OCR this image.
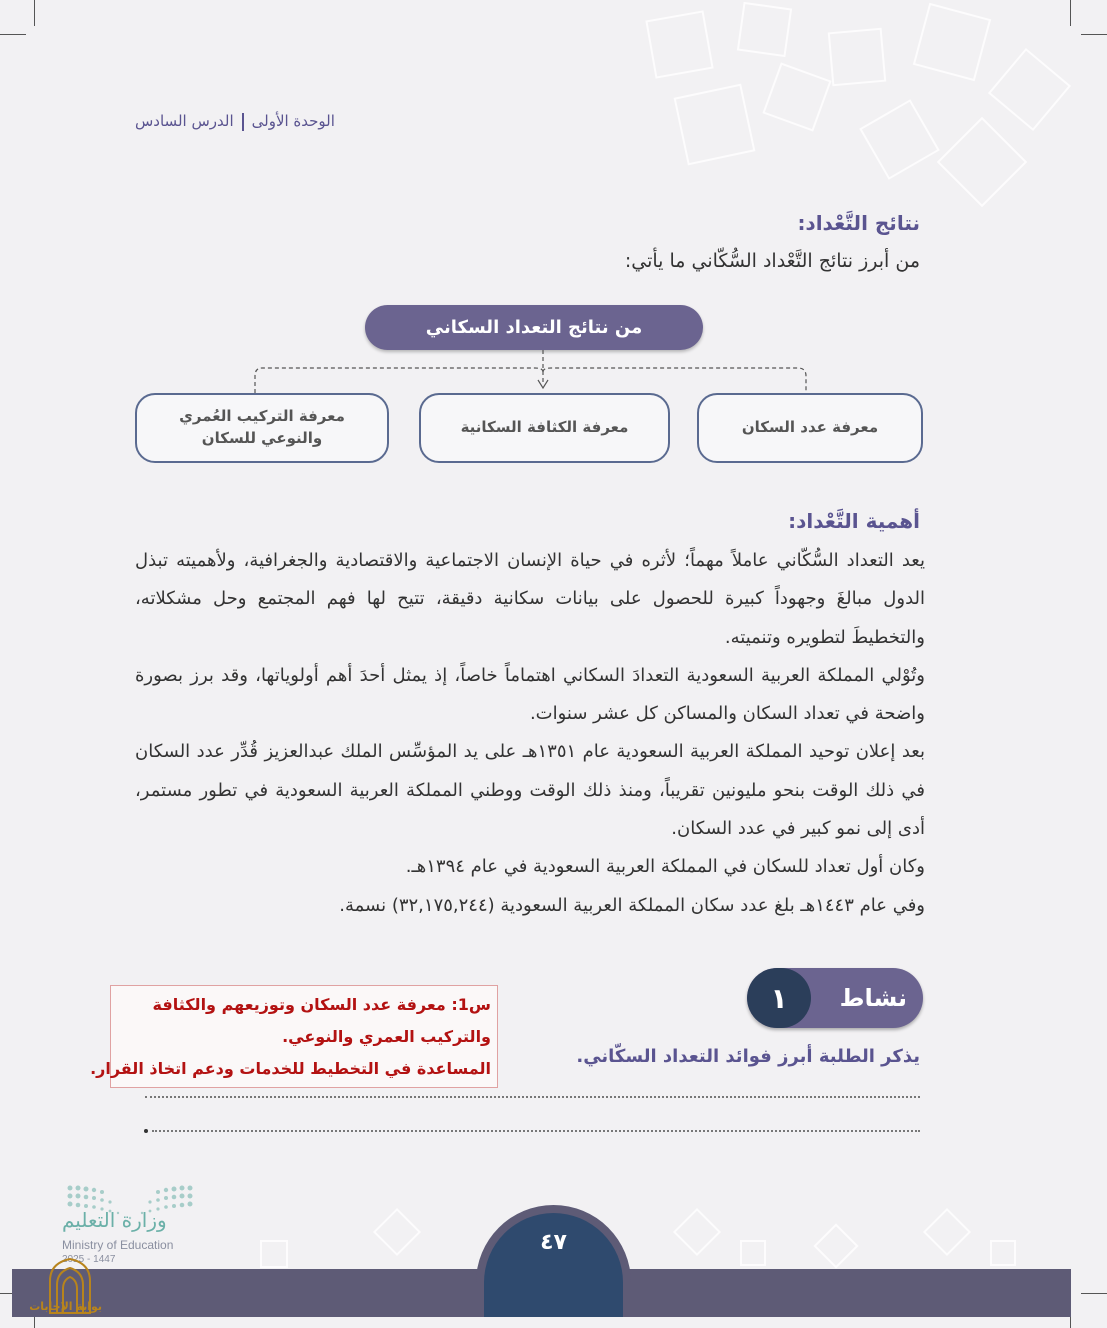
الوحدة الأولىالدرس السادس
نتائج التَّعْداد:
من أبرز نتائج التَّعْداد السُّكّاني ما يأتي:
من نتائج التعداد السكاني
معرفة عدد السكان
معرفة الكثافة السكانية
معرفة التركيب العُمري
والنوعي للسكان
أهمية التَّعْداد:

يعد التعداد السُّكّاني عاملاً مهماً؛ لأثره في حياة الإنسان الاجتماعية والاقتصادية والجغرافية، ولأهميته تبذل الدول مبالغَ وجهوداً كبيرة للحصول على بيانات سكانية دقيقة، تتيح لها فهم المجتمع وحل مشكلاته، والتخطيطَ لتطويره وتنميته.

وتُوْلي المملكة العربية السعودية التعدادَ السكاني اهتماماً خاصاً، إذ يمثل أحدَ أهم أولوياتها، وقد برز بصورة واضحة في تعداد السكان والمساكن كل عشر سنوات.

بعد إعلان توحيد المملكة العربية السعودية عام ١٣٥١هـ على يد المؤسِّس الملك عبدالعزيز قُدِّر عدد السكان في ذلك الوقت بنحو مليونين تقريباً، ومنذ ذلك الوقت ووطني المملكة العربية السعودية في تطور مستمر، أدى إلى نمو كبير في عدد السكان.

وكان أول تعداد للسكان في المملكة العربية السعودية في عام ١٣٩٤هـ.

وفي عام ١٤٤٣هـ بلغ عدد سكان المملكة العربية السعودية (٣٢,١٧٥,٢٤٤) نسمة.

نشاط
١
يذكر الطلبة أبرز فوائد التعداد السكّاني.
س1: معرفة عدد السكان وتوزيعهم والكثافة
والتركيب العمري والنوعي.
المساعدة في التخطيط للخدمات ودعم اتخاذ القرار.
وزارة التعليم
Ministry of Education
2025 - 1447
٤٧
بوابة الإجابات
